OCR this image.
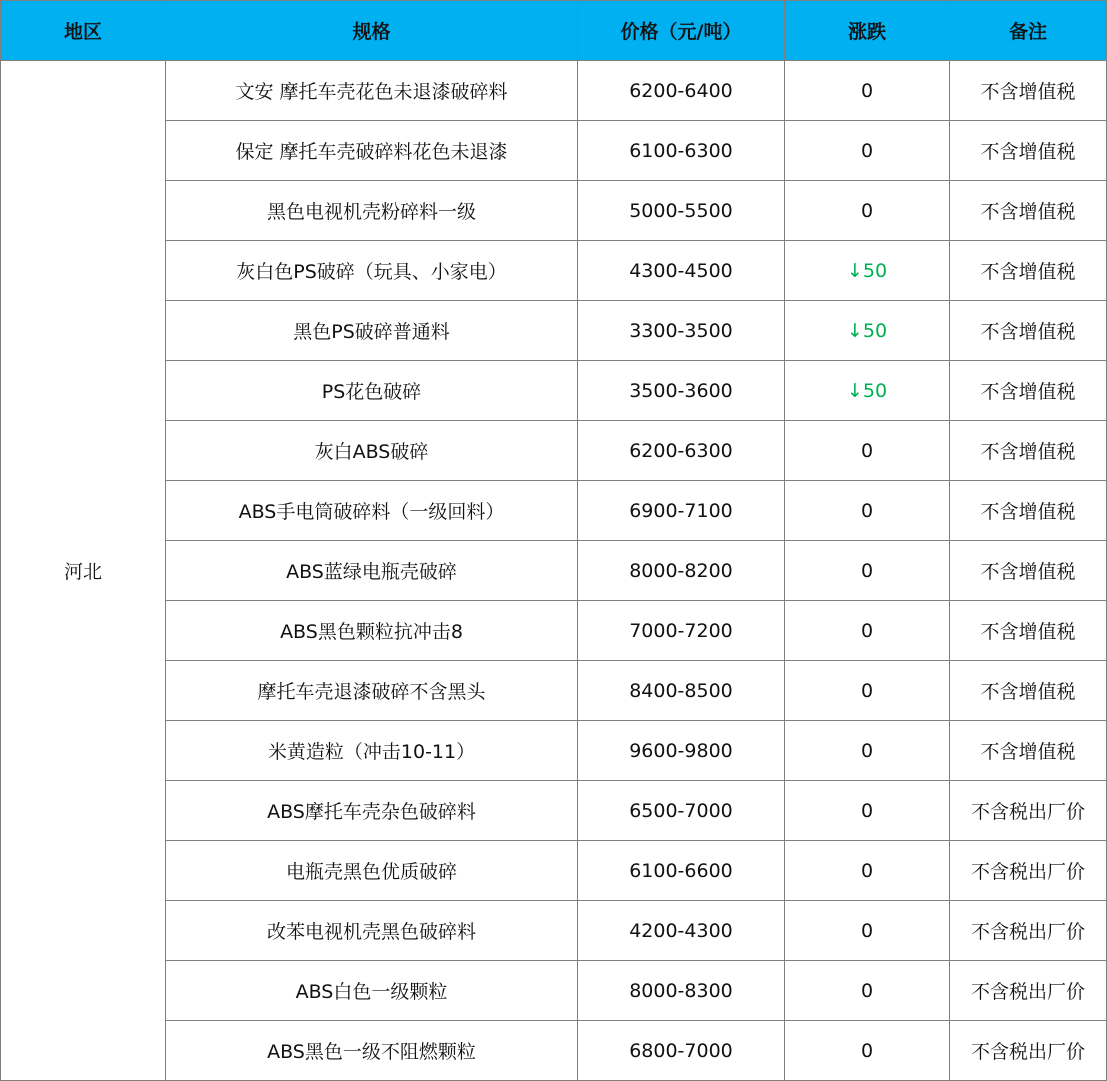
地区	规格	价格（元/吨）	涨跌	备注
河北	文安 摩托车壳花色未退漆破碎料	6200-6400	0	不含增值税
	保定 摩托车壳破碎料花色未退漆	6100-6300	0	不含增值税
	黑色电视机壳粉碎料一级	5000-5500	0	不含增值税
	灰白色PS破碎（玩具、小家电）	4300-4500	↓50	不含增值税
	黑色PS破碎普通料	3300-3500	↓50	不含增值税
	PS花色破碎	3500-3600	↓50	不含增值税
	灰白ABS破碎	6200-6300	0	不含增值税
	ABS手电筒破碎料（一级回料）	6900-7100	0	不含增值税
	ABS蓝绿电瓶壳破碎	8000-8200	0	不含增值税
	ABS黑色颗粒抗冲击8	7000-7200	0	不含增值税
	摩托车壳退漆破碎不含黑头	8400-8500	0	不含增值税
	米黄造粒（冲击10-11）	9600-9800	0	不含增值税
	ABS摩托车壳杂色破碎料	6500-7000	0	不含税出厂价
	电瓶壳黑色优质破碎	6100-6600	0	不含税出厂价
	改苯电视机壳黑色破碎料	4200-4300	0	不含税出厂价
	ABS白色一级颗粒	8000-8300	0	不含税出厂价
	ABS黑色一级不阻燃颗粒	6800-7000	0	不含税出厂价
